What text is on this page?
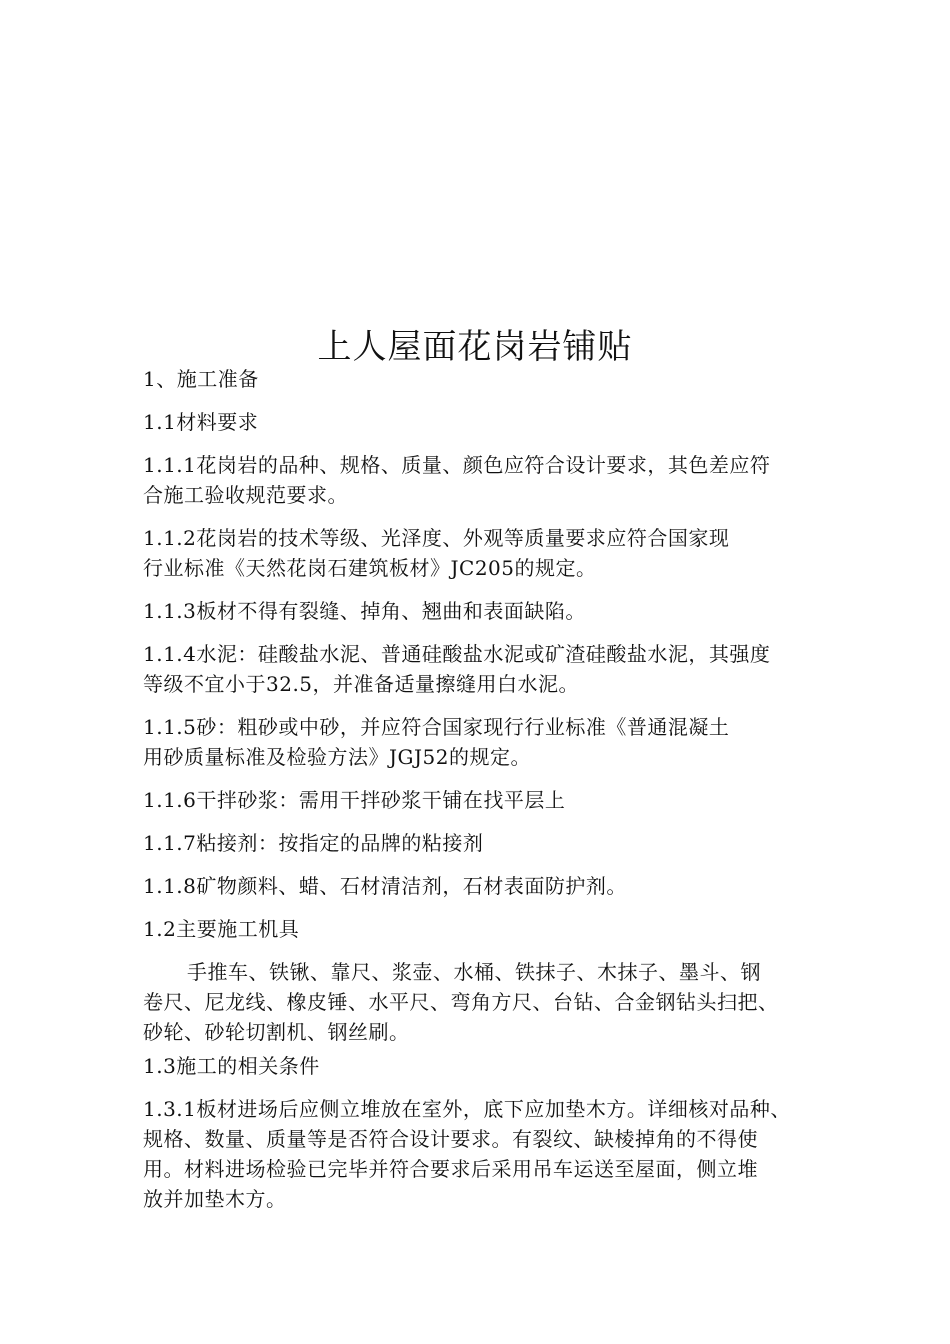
上人屋面花岗岩铺贴

1、施工准备

1.1材料要求

1.1.1花岗岩的品种、规格、质量、颜色应符合设计要求，其色差应符
合施工验收规范要求。

1.1.2花岗岩的技术等级、光泽度、外观等质量要求应符合国家现
行业标准《天然花岗石建筑板材》JC205的规定。

1.1.3板材不得有裂缝、掉角、翘曲和表面缺陷。

1.1.4水泥：硅酸盐水泥、普通硅酸盐水泥或矿渣硅酸盐水泥，其强度
等级不宜小于32.5，并准备适量擦缝用白水泥。

1.1.5砂：粗砂或中砂，并应符合国家现行行业标准《普通混凝土
用砂质量标准及检验方法》JGJ52的规定。

1.1.6干拌砂浆：需用干拌砂浆干铺在找平层上

1.1.7粘接剂：按指定的品牌的粘接剂

1.1.8矿物颜料、蜡、石材清洁剂，石材表面防护剂。

1.2主要施工机具

手推车、铁锹、靠尺、浆壶、水桶、铁抹子、木抹子、墨斗、钢
卷尺、尼龙线、橡皮锤、水平尺、弯角方尺、台钻、合金钢钻头扫把、
砂轮、砂轮切割机、钢丝刷。

1.3施工的相关条件

1.3.1板材进场后应侧立堆放在室外，底下应加垫木方。详细核对品种、
规格、数量、质量等是否符合设计要求。有裂纹、缺棱掉角的不得使
用。材料进场检验已完毕并符合要求后采用吊车运送至屋面，侧立堆
放并加垫木方。
